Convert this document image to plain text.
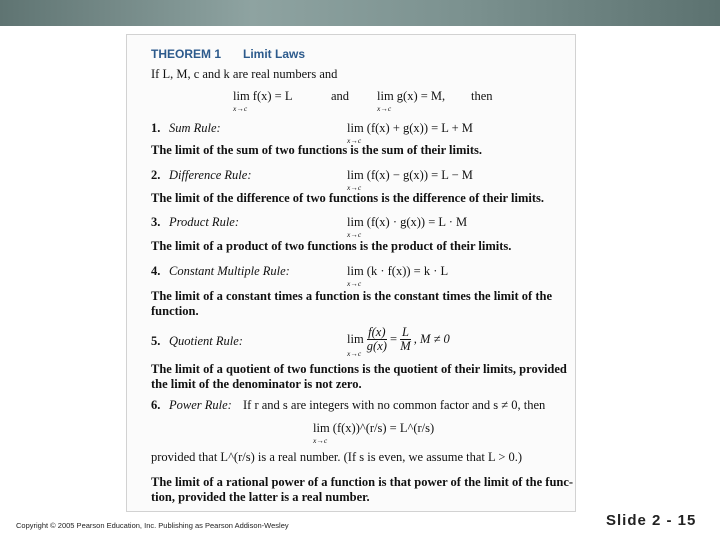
THEOREM 1 Limit Laws
If L, M, c and k are real numbers and
lim f(x) = L
x→c
and lim g(x) = M,
x→c
then
1. Sum Rule:	lim (f(x) + g(x)) = L + M
x→c
The limit of the sum of two functions is the sum of their limits.
2. Difference Rule:	lim (f(x) − g(x)) = L − M
x→c
The limit of the difference of two functions is the difference of their limits.
3. Product Rule:	lim (f(x) · g(x)) = L · M
x→c
The limit of a product of two functions is the product of their limits.
4. Constant Multiple Rule:	lim (k · f(x)) = k · L
x→c
The limit of a constant times a function is the constant times the limit of the
function.
5. Quotient Rule:	$\lim \frac{f(x)}{g(x)} = \frac{L}{M}$ , M ≠ 0
x→c
The limit of a quotient of two functions is the quotient of their limits, provided
the limit of the denominator is not zero.
6. Power Rule: If r and s are integers with no common factor and s ≠ 0, then
lim (f(x))^(r/s) = L^(r/s)
x→c
provided that L^(r/s) is a real number. (If s is even, we assume that L > 0.)
The limit of a rational power of a function is that power of the limit of the func-
tion, provided the latter is a real number.
Copyright © 2005 Pearson Education, Inc. Publishing as Pearson Addison-Wesley	Slide 2 - 15
